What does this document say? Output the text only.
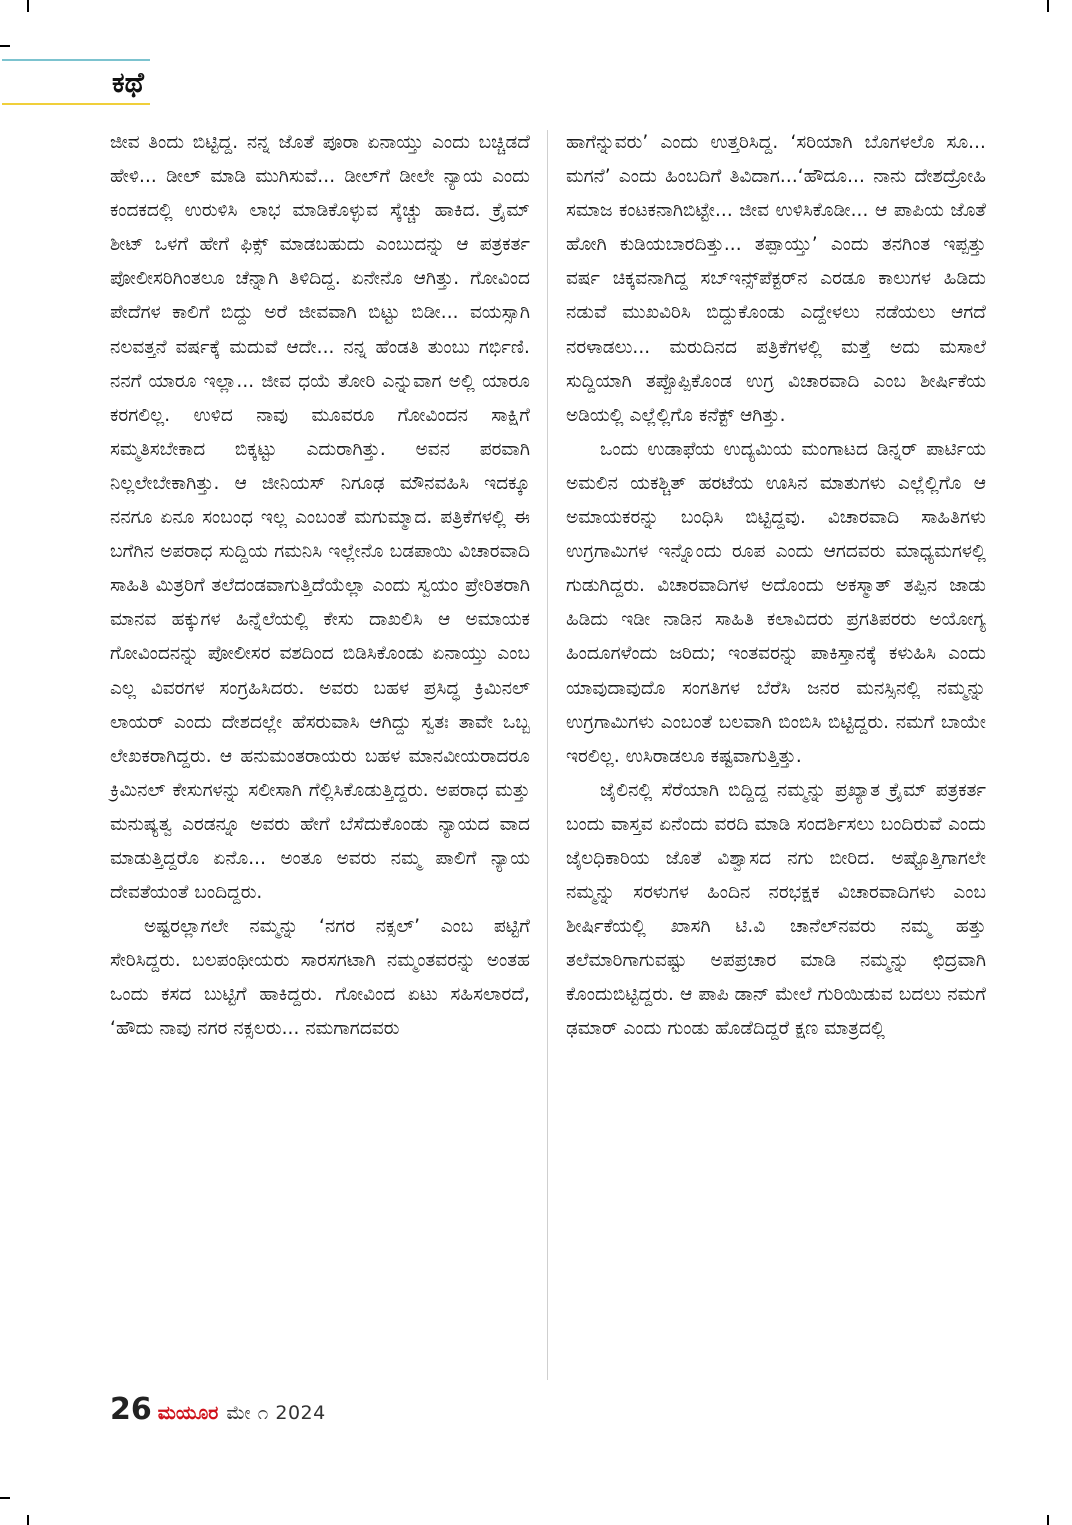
ಕಥೆ

ಜೀವ ತಿಂದು ಬಿಟ್ಟಿದ್ದ. ನನ್ನ ಜೊತೆ ಪೂರಾ ಏನಾಯ್ತು ಎಂದು ಬಚ್ಚಿಡದೆ ಹೇಳಿ... ಡೀಲ್ ಮಾಡಿ ಮುಗಿಸುವೆ... ಡೀಲ್‌ಗೆ ಡೀಲೇ ನ್ಯಾಯ ಎಂದು ಕಂದಕದಲ್ಲಿ ಉರುಳಿಸಿ ಲಾಭ ಮಾಡಿಕೊಳ್ಳುವ ಸ್ಕೆಚ್ಚು ಹಾಕಿದ. ಕ್ರೈಮ್ ಶೀಟ್ ಒಳಗೆ ಹೇಗೆ ಫಿಕ್ಸ್ ಮಾಡಬಹುದು ಎಂಬುದನ್ನು ಆ ಪತ್ರಕರ್ತ ಪೋಲೀಸರಿಗಿಂತಲೂ ಚೆನ್ನಾಗಿ ತಿಳಿದಿದ್ದ. ಏನೇನೊ ಆಗಿತ್ತು. ಗೋವಿಂದ ಪೇದೆಗಳ ಕಾಲಿಗೆ ಬಿದ್ದು ಅರೆ ಜೀವವಾಗಿ ಬಿಟ್ಟು ಬಿಡೀ... ವಯಸ್ಸಾಗಿ ನಲವತ್ತನೆ ವರ್ಷಕ್ಕೆ ಮದುವೆ ಆದೇ... ನನ್ನ ಹೆಂಡತಿ ತುಂಬು ಗರ್ಭಿಣಿ. ನನಗೆ ಯಾರೂ ಇಲ್ಲಾ... ಜೀವ ಧಯೆ ತೋರಿ ಎನ್ನುವಾಗ ಅಲ್ಲಿ ಯಾರೂ ಕರಗಲಿಲ್ಲ. ಉಳಿದ ನಾವು ಮೂವರೂ ಗೋವಿಂದನ ಸಾಕ್ಷಿಗೆ ಸಮ್ಮತಿಸಬೇಕಾದ ಬಿಕ್ಕಟ್ಟು ಎದುರಾಗಿತ್ತು. ಅವನ ಪರವಾಗಿ ನಿಲ್ಲಲೇಬೇಕಾಗಿತ್ತು. ಆ ಜೀನಿಯಸ್ ನಿಗೂಢ ಮೌನವಹಿಸಿ ಇದಕ್ಕೂ ನನಗೂ ಏನೂ ಸಂಬಂಧ ಇಲ್ಲ ಎಂಬಂತೆ ಮಗುಮ್ಮಾದ. ಪತ್ರಿಕೆಗಳಲ್ಲಿ ಈ ಬಗೆಗಿನ ಅಪರಾಧ ಸುದ್ದಿಯ ಗಮನಿಸಿ ಇಲ್ಲೇನೊ ಬಡಪಾಯಿ ವಿಚಾರವಾದಿ ಸಾಹಿತಿ ಮಿತ್ರರಿಗೆ ತಲೆದಂಡವಾಗುತ್ತಿದೆಯೆಲ್ಲಾ ಎಂದು ಸ್ವಯಂ ಪ್ರೇರಿತರಾಗಿ ಮಾನವ ಹಕ್ಕುಗಳ ಹಿನ್ನೆಲೆಯಲ್ಲಿ ಕೇಸು ದಾಖಲಿಸಿ ಆ ಅಮಾಯಕ ಗೋವಿಂದನನ್ನು ಪೋಲೀಸರ ವಶದಿಂದ ಬಿಡಿಸಿಕೊಂಡು ಏನಾಯ್ತು ಎಂಬ ಎಲ್ಲ ವಿವರಗಳ ಸಂಗ್ರಹಿಸಿದರು. ಅವರು ಬಹಳ ಪ್ರಸಿದ್ಧ ಕ್ರಿಮಿನಲ್ ಲಾಯರ್ ಎಂದು ದೇಶದಲ್ಲೇ ಹೆಸರುವಾಸಿ ಆಗಿದ್ದು ಸ್ವತಃ ತಾವೇ ಒಬ್ಬ ಲೇಖಕರಾಗಿದ್ದರು. ಆ ಹನುಮಂತರಾಯರು ಬಹಳ ಮಾನವೀಯರಾದರೂ ಕ್ರಿಮಿನಲ್ ಕೇಸುಗಳನ್ನು ಸಲೀಸಾಗಿ ಗೆಲ್ಲಿಸಿಕೊಡುತ್ತಿದ್ದರು. ಅಪರಾಧ ಮತ್ತು ಮನುಷ್ಯತ್ವ ಎರಡನ್ನೂ ಅವರು ಹೇಗೆ ಬೆಸೆದುಕೊಂಡು ನ್ಯಾಯದ ವಾದ ಮಾಡುತ್ತಿದ್ದರೊ ಏನೊ... ಅಂತೂ ಅವರು ನಮ್ಮ ಪಾಲಿಗೆ ನ್ಯಾಯ ದೇವತೆಯಂತೆ ಬಂದಿದ್ದರು.

ಅಷ್ಟರಲ್ಲಾಗಲೇ ನಮ್ಮನ್ನು ‘ನಗರ ನಕ್ಸಲ್’ ಎಂಬ ಪಟ್ಟಿಗೆ ಸೇರಿಸಿದ್ದರು. ಬಲಪಂಥೀಯರು ಸಾರಸಗಟಾಗಿ ನಮ್ಮಂತವರನ್ನು ಅಂತಹ ಒಂದು ಕಸದ ಬುಟ್ಟಿಗೆ ಹಾಕಿದ್ದರು. ಗೋವಿಂದ ಏಟು ಸಹಿಸಲಾರದೆ, ‘ಹೌದು ನಾವು ನಗರ ನಕ್ಸಲರು... ನಮಗಾಗದವರು

ಹಾಗೆನ್ನುವರು’ ಎಂದು ಉತ್ತರಿಸಿದ್ದ. ‘ಸರಿಯಾಗಿ ಬೊಗಳಲೊ ಸೂ... ಮಗನೆ’ ಎಂದು ಹಿಂಬದಿಗೆ ತಿವಿದಾಗ...‘ಹೌದೂ... ನಾನು ದೇಶದ್ರೋಹಿ ಸಮಾಜ ಕಂಟಕನಾಗಿಬಿಟ್ಟೇ... ಜೀವ ಉಳಿಸಿಕೊಡೀ... ಆ ಪಾಪಿಯ ಜೊತೆ ಹೋಗಿ ಕುಡಿಯಬಾರದಿತ್ತು... ತಪ್ಪಾಯ್ತು’ ಎಂದು ತನಗಿಂತ ಇಪ್ಪತ್ತು ವರ್ಷ ಚಿಕ್ಕವನಾಗಿದ್ದ ಸಬ್‌ಇನ್ಸ್‌ಪೆಕ್ಟರ್‌ನ ಎರಡೂ ಕಾಲುಗಳ ಹಿಡಿದು ನಡುವೆ ಮುಖವಿರಿಸಿ ಬಿದ್ದುಕೊಂಡು ಎದ್ದೇಳಲು ನಡೆಯಲು ಆಗದೆ ನರಳಾಡಲು... ಮರುದಿನದ ಪತ್ರಿಕೆಗಳಲ್ಲಿ ಮತ್ತೆ ಅದು ಮಸಾಲೆ ಸುದ್ದಿಯಾಗಿ ತಪ್ಪೊಪ್ಪಿಕೊಂಡ ಉಗ್ರ ವಿಚಾರವಾದಿ ಎಂಬ ಶೀರ್ಷಿಕೆಯ ಅಡಿಯಲ್ಲಿ ಎಲ್ಲೆಲ್ಲಿಗೊ ಕನೆಕ್ಟ್ ಆಗಿತ್ತು.

ಒಂದು ಉಡಾಫೆಯ ಉದ್ಯಮಿಯ ಮಂಗಾಟದ ಡಿನ್ನರ್ ಪಾರ್ಟಿಯ ಅಮಲಿನ ಯಕಶ್ಚಿತ್ ಹರಟೆಯ ಊಸಿನ ಮಾತುಗಳು ಎಲ್ಲೆಲ್ಲಿಗೊ ಆ ಅಮಾಯಕರನ್ನು ಬಂಧಿಸಿ ಬಿಟ್ಟಿದ್ದವು. ವಿಚಾರವಾದಿ ಸಾಹಿತಿಗಳು ಉಗ್ರಗಾಮಿಗಳ ಇನ್ನೊಂದು ರೂಪ ಎಂದು ಆಗದವರು ಮಾಧ್ಯಮಗಳಲ್ಲಿ ಗುಡುಗಿದ್ದರು. ವಿಚಾರವಾದಿಗಳ ಅದೊಂದು ಅಕಸ್ಮಾತ್ ತಪ್ಪಿನ ಜಾಡು ಹಿಡಿದು ಇಡೀ ನಾಡಿನ ಸಾಹಿತಿ ಕಲಾವಿದರು ಪ್ರಗತಿಪರರು ಅಯೋಗ್ಯ ಹಿಂದೂಗಳೆಂದು ಜರಿದು; ಇಂತವರನ್ನು ಪಾಕಿಸ್ತಾನಕ್ಕೆ ಕಳುಹಿಸಿ ಎಂದು ಯಾವುದಾವುದೊ ಸಂಗತಿಗಳ ಬೆರೆಸಿ ಜನರ ಮನಸ್ಸಿನಲ್ಲಿ ನಮ್ಮನ್ನು ಉಗ್ರಗಾಮಿಗಳು ಎಂಬಂತೆ ಬಲವಾಗಿ ಬಿಂಬಿಸಿ ಬಿಟ್ಟಿದ್ದರು. ನಮಗೆ ಬಾಯೇ ಇರಲಿಲ್ಲ. ಉಸಿರಾಡಲೂ ಕಷ್ಟವಾಗುತ್ತಿತ್ತು.

ಜೈಲಿನಲ್ಲಿ ಸೆರೆಯಾಗಿ ಬಿದ್ದಿದ್ದ ನಮ್ಮನ್ನು ಪ್ರಖ್ಯಾತ ಕ್ರೈಮ್ ಪತ್ರಕರ್ತ ಬಂದು ವಾಸ್ತವ ಏನೆಂದು ವರದಿ ಮಾಡಿ ಸಂದರ್ಶಿಸಲು ಬಂದಿರುವೆ ಎಂದು ಜೈಲಧಿಕಾರಿಯ ಜೊತೆ ವಿಶ್ವಾಸದ ನಗು ಬೀರಿದ. ಅಷ್ಟೊತ್ತಿಗಾಗಲೇ ನಮ್ಮನ್ನು ಸರಳುಗಳ ಹಿಂದಿನ ನರಭಕ್ಷಕ ವಿಚಾರವಾದಿಗಳು ಎಂಬ ಶೀರ್ಷಿಕೆಯಲ್ಲಿ ಖಾಸಗಿ ಟಿ.ವಿ ಚಾನೆಲ್‌ನವರು ನಮ್ಮ ಹತ್ತು ತಲೆಮಾರಿಗಾಗುವಷ್ಟು ಅಪಪ್ರಚಾರ ಮಾಡಿ ನಮ್ಮನ್ನು ಛಿದ್ರವಾಗಿ ಕೊಂದುಬಿಟ್ಟಿದ್ದರು. ಆ ಪಾಪಿ ಡಾನ್ ಮೇಲೆ ಗುರಿಯಿಡುವ ಬದಲು ನಮಗೆ ಢಮಾರ್ ಎಂದು ಗುಂಡು ಹೊಡೆದಿದ್ದರೆ ಕ್ಷಣ ಮಾತ್ರದಲ್ಲಿ

26 ಮಯೂರ ಮೇ ೧ 2024
